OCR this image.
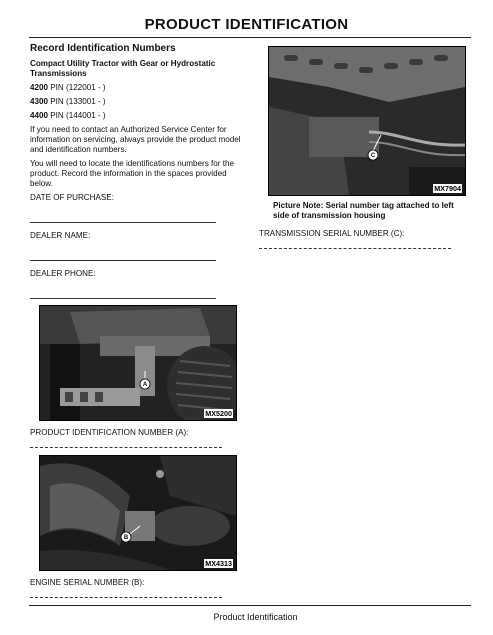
PRODUCT IDENTIFICATION
Record Identification Numbers
Compact Utility Tractor with Gear or Hydrostatic Transmissions
4200 PIN (122001 - )
4300 PIN (133001 - )
4400 PIN (144001 - )

If you need to contact an Authorized Service Center for information on servicing, always provide the product model and identification numbers.

You will need to locate the identifications numbers for the product. Record the information in the spaces provided below.

DATE OF PURCHASE:
DEALER NAME:
DEALER PHONE:
A
MX5200
PRODUCT IDENTIFICATION NUMBER (A):
B
MX4313
ENGINE SERIAL NUMBER (B):
C
MX7904
Picture Note: Serial number tag attached to left side of transmission housing
TRANSMISSION SERIAL NUMBER (C):
Product Identification
